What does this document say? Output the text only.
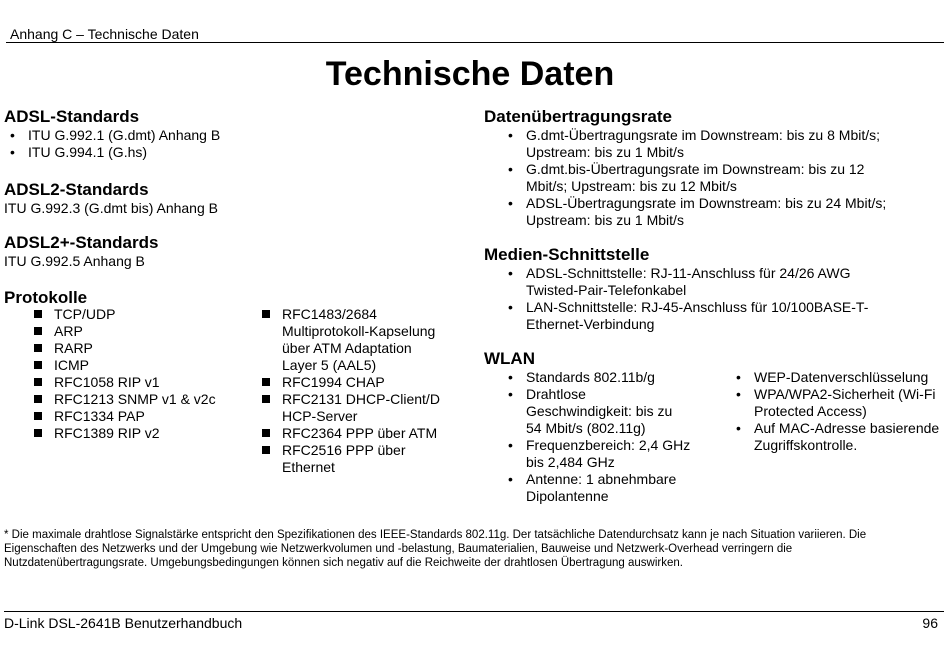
Anhang C – Technische Daten
Technische Daten
ADSL-Standards
• ITU G.992.1 (G.dmt) Anhang B
• ITU G.994.1 (G.hs)
ADSL2-Standards
ITU G.992.3 (G.dmt bis) Anhang B
ADSL2+-Standards
ITU G.992.5 Anhang B
Protokolle
TCP/UDP
ARP
RARP
ICMP
RFC1058 RIP v1
RFC1213 SNMP v1 & v2c
RFC1334 PAP
RFC1389 RIP v2
RFC1483/2684 Multiprotokoll-Kapselung über ATM Adaptation Layer 5 (AAL5)
RFC1994 CHAP
RFC2131 DHCP-Client/DHCP-Server
RFC2364 PPP über ATM
RFC2516 PPP über Ethernet
Datenübertragungsrate
• G.dmt-Übertragungsrate im Downstream: bis zu 8 Mbit/s; Upstream: bis zu 1 Mbit/s
• G.dmt.bis-Übertragungsrate im Downstream: bis zu 12 Mbit/s; Upstream: bis zu 12 Mbit/s
• ADSL-Übertragungsrate im Downstream: bis zu 24 Mbit/s; Upstream: bis zu 1 Mbit/s
Medien-Schnittstelle
• ADSL-Schnittstelle: RJ-11-Anschluss für 24/26 AWG Twisted-Pair-Telefonkabel
• LAN-Schnittstelle: RJ-45-Anschluss für 10/100BASE-T-Ethernet-Verbindung
WLAN
• Standards 802.11b/g
• Drahtlose Geschwindigkeit: bis zu 54 Mbit/s (802.11g)
• Frequenzbereich: 2,4 GHz bis 2,484 GHz
• Antenne: 1 abnehmbare Dipolantenne
• WEP-Datenverschlüsselung
• WPA/WPA2-Sicherheit (Wi-Fi Protected Access)
• Auf MAC-Adresse basierende Zugriffskontrolle.
* Die maximale drahtlose Signalstärke entspricht den Spezifikationen des IEEE-Standards 802.11g. Der tatsächliche Datendurchsatz kann je nach Situation variieren. Die Eigenschaften des Netzwerks und der Umgebung wie Netzwerkvolumen und -belastung, Baumaterialien, Bauweise und Netzwerk-Overhead verringern die Nutzdatenübertragungsrate. Umgebungsbedingungen können sich negativ auf die Reichweite der drahtlosen Übertragung auswirken.
D-Link DSL-2641B Benutzerhandbuch	96
